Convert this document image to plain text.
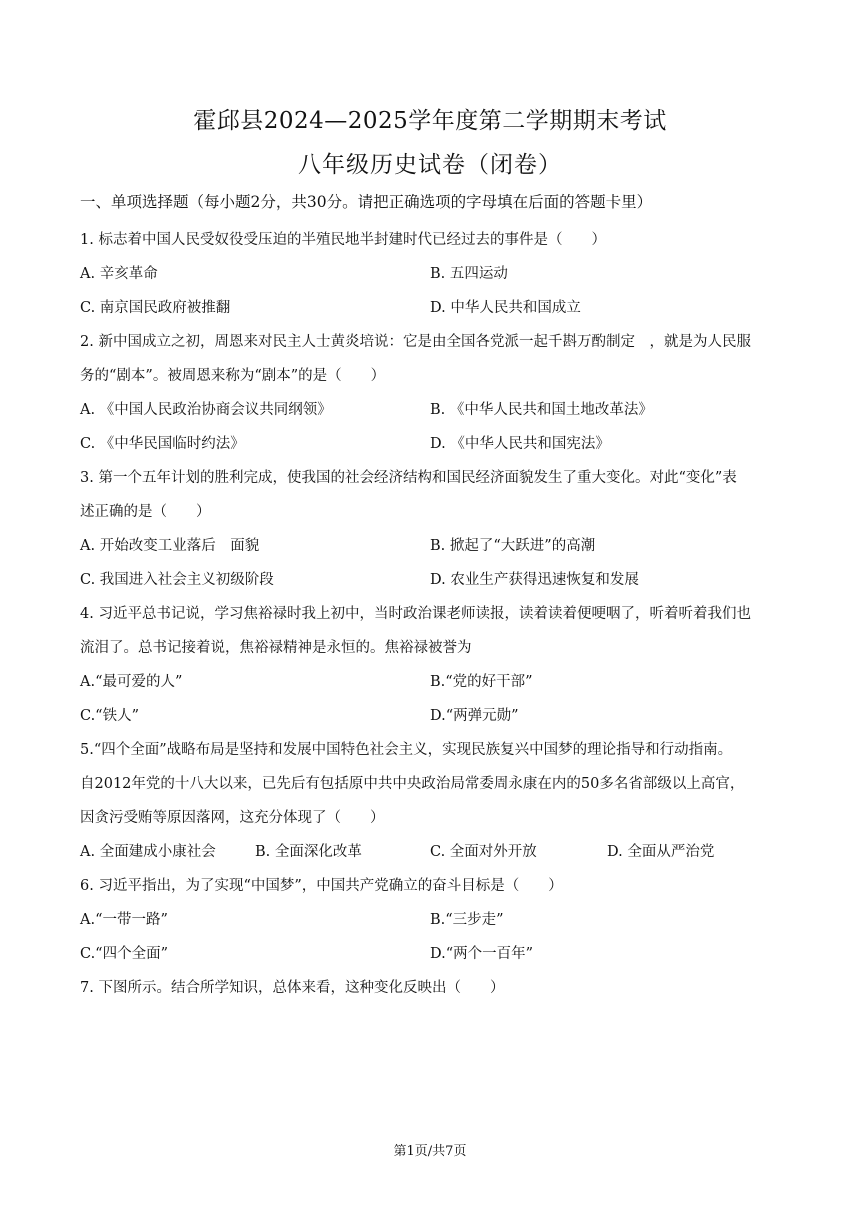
霍邱县2024—2025学年度第二学期期末考试
八年级历史试卷（闭卷）
一、单项选择题（每小题2分，共30分。请把正确选项的字母填在后面的答题卡里）
1. 标志着中国人民受奴役受压迫的半殖民地半封建时代已经过去的事件是（　　）
A. 辛亥革命	B. 五四运动
C. 南京国民政府被推翻	D. 中华人民共和国成立
2. 新中国成立之初，周恩来对民主人士黄炎培说：它是由全国各党派一起千斟万酌制定　，就是为人民服
务的“剧本”。被周恩来称为“剧本”的是（　　）
A. 《中国人民政治协商会议共同纲领》	B. 《中华人民共和国土地改革法》
C. 《中华民国临时约法》	D. 《中华人民共和国宪法》
3. 第一个五年计划的胜利完成，使我国的社会经济结构和国民经济面貌发生了重大变化。对此“变化”表
述正确的是（　　）
A. 开始改变工业落后　面貌	B. 掀起了“大跃进”的高潮
C. 我国进入社会主义初级阶段	D. 农业生产获得迅速恢复和发展
4. 习近平总书记说，学习焦裕禄时我上初中，当时政治课老师读报，读着读着便哽咽了，听着听着我们也
流泪了。总书记接着说，焦裕禄精神是永恒的。焦裕禄被誉为
A.“最可爱的人”	B.“党的好干部”
C.“铁人”	D.“两弹元勋”
5.“四个全面”战略布局是坚持和发展中国特色社会主义，实现民族复兴中国梦的理论指导和行动指南。
自2012年党的十八大以来，已先后有包括原中共中央政治局常委周永康在内的50多名省部级以上高官，
因贪污受贿等原因落网，这充分体现了（　　）
A. 全面建成小康社会	B. 全面深化改革	C. 全面对外开放	D. 全面从严治党
6. 习近平指出，为了实现“中国梦”，中国共产党确立的奋斗目标是（　　）
A.“一带一路”	B.“三步走”
C.“四个全面”	D.“两个一百年”
7. 下图所示。结合所学知识，总体来看，这种变化反映出（　　）
第1页/共7页
